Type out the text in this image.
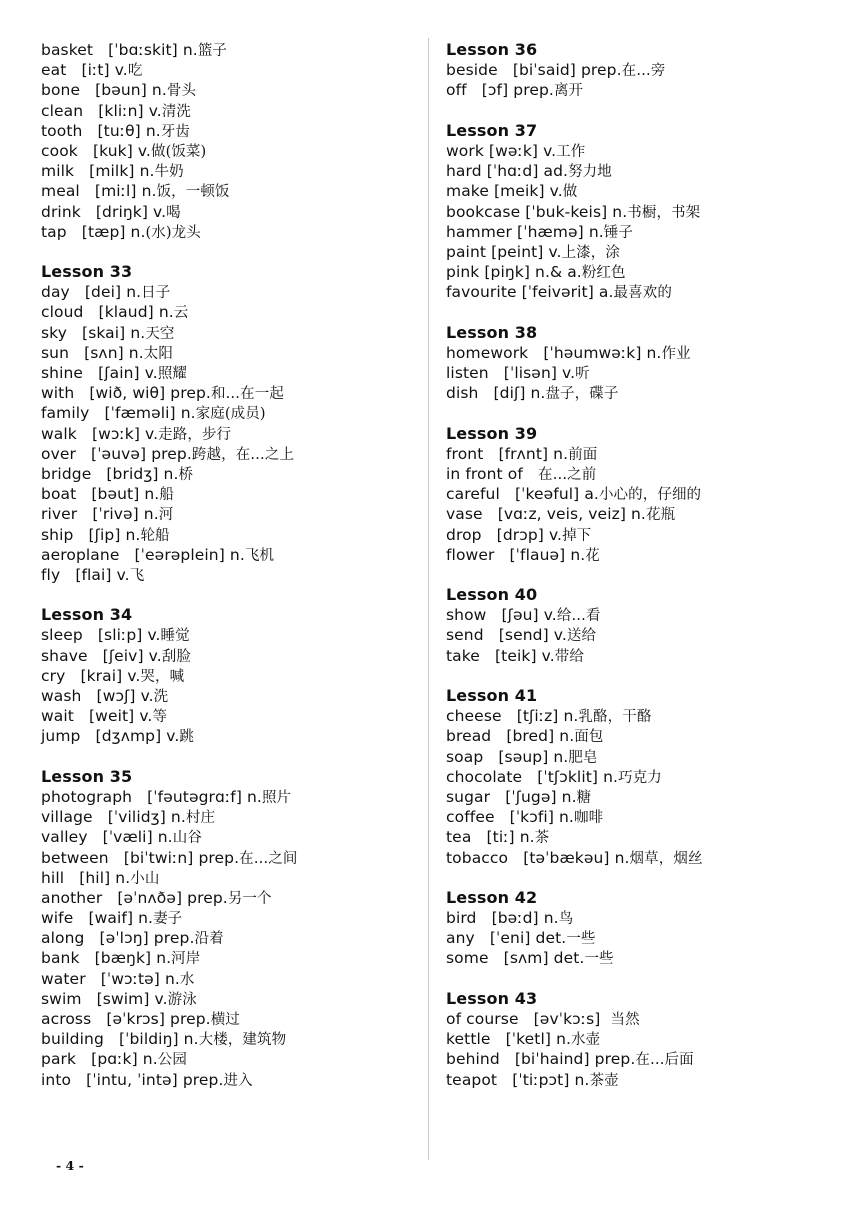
basket   [ˈbɑːskit] n.篮子
eat   [iːt] v.吃
bone   [bəun] n.骨头
clean   [kliːn] v.清洗
tooth   [tuːθ] n.牙齿
cook   [kuk] v.做(饭菜)
milk   [milk] n.牛奶
meal   [miːl] n.饭，一顿饭
drink   [driŋk] v.喝
tap   [tæp] n.(水)龙头
Lesson 33
day   [dei] n.日子
cloud   [klaud] n.云
sky   [skai] n.天空
sun   [sʌn] n.太阳
shine   [ʃain] v.照耀
with   [wið, wiθ] prep.和…在一起
family   [ˈfæməli] n.家庭(成员)
walk   [wɔːk] v.走路，步行
over   [ˈəuvə] prep.跨越，在…之上
bridge   [bridʒ] n.桥
boat   [bəut] n.船
river   [ˈrivə] n.河
ship   [ʃip] n.轮船
aeroplane   [ˈeərəplein] n.飞机
fly   [flai] v.飞
Lesson 34
sleep   [sliːp] v.睡觉
shave   [ʃeiv] v.刮脸
cry   [krai] v.哭，喊
wash   [wɔʃ] v.洗
wait   [weit] v.等
jump   [dʒʌmp] v.跳
Lesson 35
photograph   [ˈfəutəgrɑːf] n.照片
village   [ˈvilidʒ] n.村庄
valley   [ˈvæli] n.山谷
between   [biˈtwiːn] prep.在…之间
hill   [hil] n.小山
another   [əˈnʌðə] prep.另一个
wife   [waif] n.妻子
along   [əˈlɔŋ] prep.沿着
bank   [bæŋk] n.河岸
water   [ˈwɔːtə] n.水
swim   [swim] v.游泳
across   [əˈkrɔs] prep.横过
building   [ˈbildiŋ] n.大楼，建筑物
park   [pɑːk] n.公园
into   [ˈintu, ˈintə] prep.进入
Lesson 36
beside   [biˈsaid] prep.在…旁
off   [ɔf] prep.离开
Lesson 37
work [wəːk] v.工作
hard [ˈhɑːd] ad.努力地
make [meik] v.做
bookcase [ˈbuk-keis] n.书橱，书架
hammer [ˈhæmə] n.锤子
paint [peint] v.上漆，涂
pink [piŋk] n.& a.粉红色
favourite [ˈfeivərit] a.最喜欢的
Lesson 38
homework   [ˈhəumwəːk] n.作业
listen   [ˈlisən] v.听
dish   [diʃ] n.盘子，碟子
Lesson 39
front   [frʌnt] n.前面
in front of   在…之前
careful   [ˈkeəful] a.小心的，仔细的
vase   [vɑːz, veis, veiz] n.花瓶
drop   [drɔp] v.掉下
flower   [ˈflauə] n.花
Lesson 40
show   [ʃəu] v.给…看
send   [send] v.送给
take   [teik] v.带给
Lesson 41
cheese   [tʃiːz] n.乳酪，干酪
bread   [bred] n.面包
soap   [səup] n.肥皂
chocolate   [ˈtʃɔklit] n.巧克力
sugar   [ˈʃugə] n.糖
coffee   [ˈkɔfi] n.咖啡
tea   [tiː] n.茶
tobacco   [təˈbækəu] n.烟草，烟丝
Lesson 42
bird   [bəːd] n.鸟
any   [ˈeni] det.一些
some   [sʌm] det.一些
Lesson 43
of course   [əvˈkɔːs]  当然
kettle   [ˈketl] n.水壶
behind   [biˈhaind] prep.在…后面
teapot   [ˈtiːpɔt] n.茶壶
- 4 -
